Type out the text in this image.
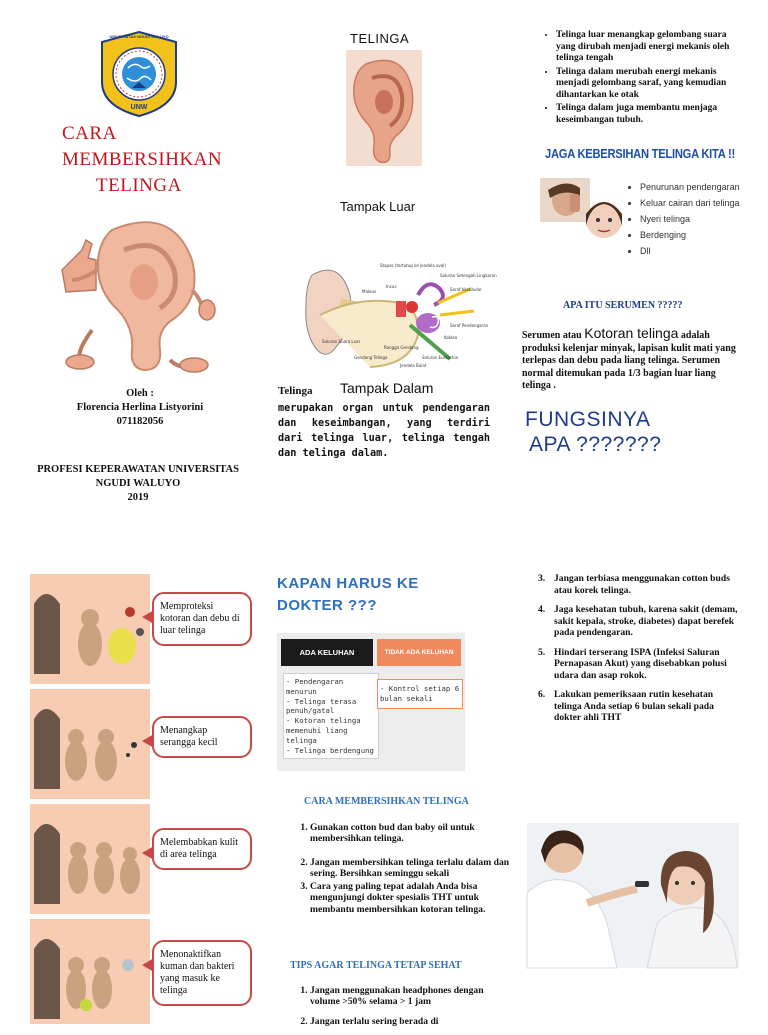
UNIVERSITAS NGUDI WALUYO
UNW
CARA
MEMBERSIHKAN
TELINGA
Oleh :
Florencia Herlina Listyorini
071182056
PROFESI KEPERAWATAN UNIVERSITAS
NGUDI WALUYO
2019
TELINGA
Tampak Luar
Stapes (tertutup ke jendela oval)
Incus
Maleus
Saluran Setengah Lingkaran
Saraf Vestibular
Saraf Pendengaran
Saluran Suara Luar
Gendang Telinga
Rongga Gendang
Saluran Eustachia
Jendela Bulat
Koklea
Tampak Dalam
Telinga
merupakan organ untuk pendengaran dan keseimbangan, yang terdiri dari telinga luar, telinga tengah dan telinga dalam.
• Telinga luar menangkap gelombang suara yang dirubah menjadi energi mekanis oleh telinga tengah
• Telinga dalam merubah energi mekanis menjadi gelombang saraf, yang kemudian dihantarkan ke otak
• Telinga dalam juga membantu menjaga keseimbangan tubuh.
JAGA KEBERSIHAN TELINGA KITA !!
• Penurunan pendengaran
• Keluar cairan dari telinga
• Nyeri telinga
• Berdenging
• Dll
APA ITU SERUMEN ?????
Serumen atau Kotoran telinga adalah produksi kelenjar minyak, lapisan kulit mati yang terlepas dan debu pada liang telinga. Serumen normal ditemukan pada 1/3 bagian luar liang telinga .
FUNGSINYA
APA ???????
Memproteksi kotoran dan debu di luar telinga
Menangkap serangga kecil
Melembabkan kulit di area telinga
Menonaktifkan kuman dan bakteri yang masuk ke telinga
KAPAN HARUS KE DOKTER ???
ADA KELUHAN	TIDAK ADA KELUHAN
- Pendengaran menurun
- Telinga terasa penuh/gatal
- Kotoran telinga memenuhi liang telinga
- Telinga berdengung
- Kontrol setiap 6 bulan sekali
CARA MEMBERSIHKAN TELINGA
1. Gunakan cotton bud dan baby oil untuk membersihkan telinga.
2. Jangan membersihkan telinga terlalu dalam dan sering. Bersihkan seminggu sekali
3. Cara yang paling tepat adalah Anda bisa mengunjungi dokter spesialis THT untuk membantu membersihkan kotoran telinga.
TIPS AGAR TELINGA TETAP SEHAT
1. Jangan menggunakan headphones dengan volume >50% selama > 1 jam
2. Jangan terlalu sering berada di
3. Jangan terbiasa menggunakan cotton buds atau korek telinga.
4. Jaga kesehatan tubuh, karena sakit (demam, sakit kepala, stroke, diabetes) dapat berefek pada pendengaran.
5. Hindari terserang ISPA (Infeksi Saluran Pernapasan Akut) yang disebabkan polusi udara dan asap rokok.
6. Lakukan pemeriksaan rutin kesehatan telinga Anda setiap 6 bulan sekali pada dokter ahli THT
